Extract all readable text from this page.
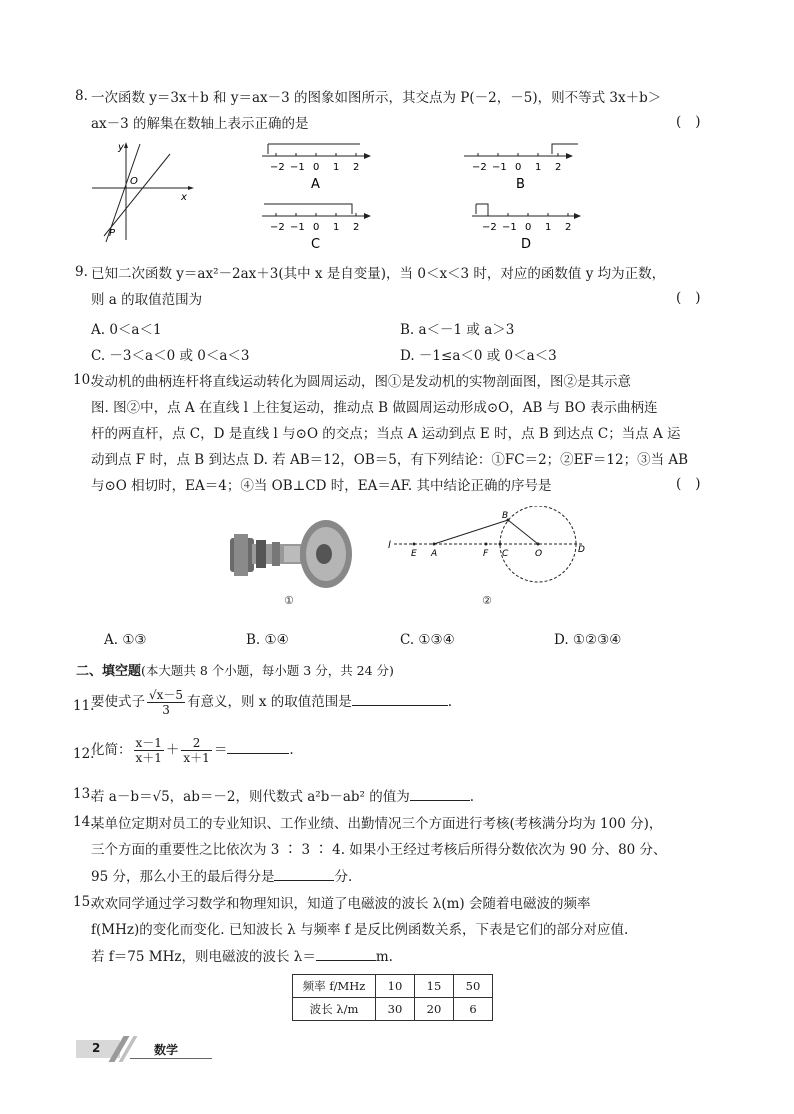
8. 一次函数 y＝3x＋b 和 y＝ax－3 的图象如图所示，其交点为 P(－2，－5)，则不等式 3x＋b＞
ax－3 的解集在数轴上表示正确的是	()
y
O
x
P
−2 −1 0 1 2
A
−2 −1 0 1 2
B
−2 −1 0 1 2
C
−2 −1 0 1 2
D
9. 已知二次函数 y＝ax²－2ax＋3(其中 x 是自变量)，当 0＜x＜3 时，对应的函数值 y 均为正数，
则 a 的取值范围为	()
A. 0＜a＜1	B. a＜－1 或 a＞3
C. －3＜a＜0 或 0＜a＜3	D. －1≤a＜0 或 0＜a＜3
10.
发动机的曲柄连杆将直线运动转化为圆周运动，图①是发动机的实物剖面图，图②是其示意
图. 图②中，点 A 在直线 l 上往复运动，推动点 B 做圆周运动形成⊙O，AB 与 BO 表示曲柄连
杆的两直杆，点 C，D 是直线 l 与⊙O 的交点；当点 A 运动到点 E 时，点 B 到达点 C；当点 A 运
动到点 F 时，点 B 到达点 D. 若 AB＝12，OB＝5，有下列结论：①FC＝2；②EF＝12；③当 AB
与⊙O 相切时，EA＝4；④当 OB⊥CD 时，EA＝AF. 其中结论正确的序号是	()
①
l
E A	F C	O	D
B
②
A. ①③	B. ①④	C. ①③④	D. ①②③④
二、填空题(本大题共 8 个小题，每小题 3 分，共 24 分)
11.
要使式子 $\frac{√x-5}{3}$ 有意义，则 x 的取值范围是	.
12.
化简： $\frac{x-1}{x+1} + \frac{2}{x+1}$ ＝	.
13.
若 a－b＝√5，ab＝－2，则代数式 a²b－ab² 的值为	.
14.
某单位定期对员工的专业知识、工作业绩、出勤情况三个方面进行考核(考核满分均为 100 分)，
三个方面的重要性之比依次为 3 ∶ 3 ∶ 4. 如果小王经过考核后所得分数依次为 90 分、80 分、
95 分，那么小王的最后得分是	分.
15.
欢欢同学通过学习数学和物理知识，知道了电磁波的波长 λ(m) 会随着电磁波的频率
f(MHz)的变化而变化. 已知波长 λ 与频率 f 是反比例函数关系，下表是它们的部分对应值.
若 f＝75 MHz，则电磁波的波长 λ＝	m.
频率 f/MHz	10	15	50
波长 λ/m	30	20	6
2	数学
